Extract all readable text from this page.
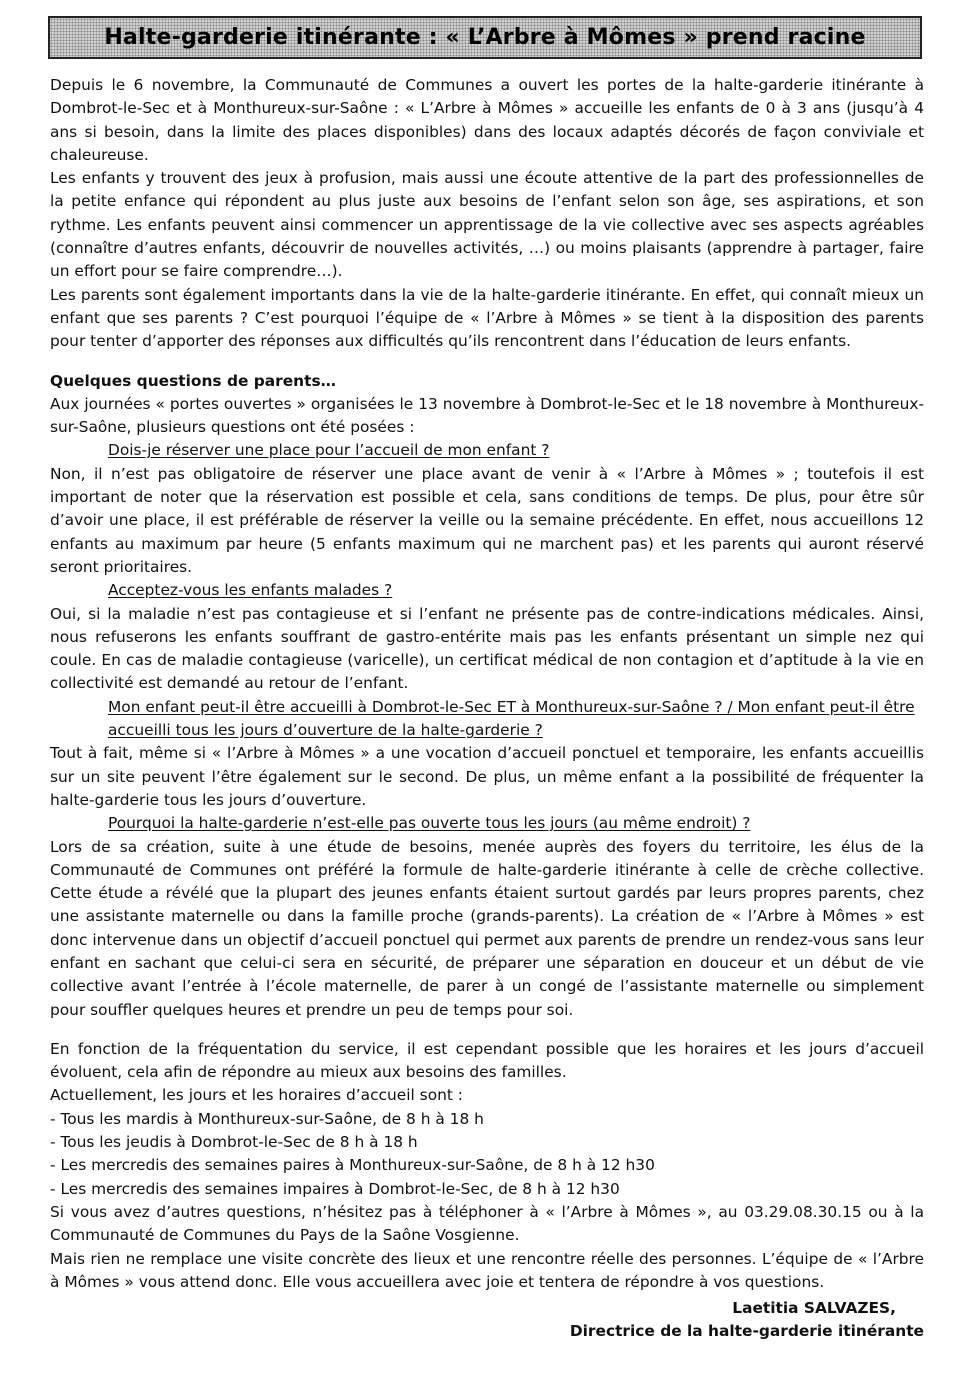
Halte-garderie itinérante : « L’Arbre à Mômes » prend racine

Depuis le 6 novembre, la Communauté de Communes a ouvert les portes de la halte-garderie itinérante à Dombrot-le-Sec et à Monthureux-sur-Saône : « L’Arbre à Mômes » accueille les enfants de 0 à 3 ans (jusqu’à 4 ans si besoin, dans la limite des places disponibles) dans des locaux adaptés décorés de façon conviviale et chaleureuse.

Les enfants y trouvent des jeux à profusion, mais aussi une écoute attentive de la part des professionnelles de la petite enfance qui répondent au plus juste aux besoins de l’enfant selon son âge, ses aspirations, et son rythme. Les enfants peuvent ainsi commencer un apprentissage de la vie collective avec ses aspects agréables (connaître d’autres enfants, découvrir de nouvelles activités, …) ou moins plaisants (apprendre à partager, faire un effort pour se faire comprendre…).

Les parents sont également importants dans la vie de la halte-garderie itinérante. En effet, qui connaît mieux un enfant que ses parents ? C’est pourquoi l’équipe de « l’Arbre à Mômes » se tient à la disposition des parents pour tenter d’apporter des réponses aux difficultés qu’ils rencontrent dans l’éducation de leurs enfants.

Quelques questions de parents…

Aux journées « portes ouvertes » organisées le 13 novembre à Dombrot-le-Sec et le 18 novembre à Monthureux-sur-Saône, plusieurs questions ont été posées :

Dois-je réserver une place pour l’accueil de mon enfant ?

Non, il n’est pas obligatoire de réserver une place avant de venir à « l’Arbre à Mômes » ; toutefois il est important de noter que la réservation est possible et cela, sans conditions de temps. De plus, pour être sûr d’avoir une place, il est préférable de réserver la veille ou la semaine précédente. En effet, nous accueillons 12 enfants au maximum par heure (5 enfants maximum qui ne marchent pas) et les parents qui auront réservé seront prioritaires.

Acceptez-vous les enfants malades ?

Oui, si la maladie n’est pas contagieuse et si l’enfant ne présente pas de contre-indications médicales. Ainsi, nous refuserons les enfants souffrant de gastro-entérite mais pas les enfants présentant un simple nez qui coule. En cas de maladie contagieuse (varicelle), un certificat médical de non contagion et d’aptitude à la vie en collectivité est demandé au retour de l’enfant.

Mon enfant peut-il être accueilli à Dombrot-le-Sec ET à Monthureux-sur-Saône ? / Mon enfant peut-il être accueilli tous les jours d’ouverture de la halte-garderie ?

Tout à fait, même si « l’Arbre à Mômes » a une vocation d’accueil ponctuel et temporaire, les enfants accueillis sur un site peuvent l’être également sur le second. De plus, un même enfant a la possibilité de fréquenter la halte-garderie tous les jours d’ouverture.

Pourquoi la halte-garderie n’est-elle pas ouverte tous les jours (au même endroit) ?

Lors de sa création, suite à une étude de besoins, menée auprès des foyers du territoire, les élus de la Communauté de Communes ont préféré la formule de halte-garderie itinérante à celle de crèche collective. Cette étude a révélé que la plupart des jeunes enfants étaient surtout gardés par leurs propres parents, chez une assistante maternelle ou dans la famille proche (grands-parents). La création de « l’Arbre à Mômes » est donc intervenue dans un objectif d’accueil ponctuel qui permet aux parents de prendre un rendez-vous sans leur enfant en sachant que celui-ci sera en sécurité, de préparer une séparation en douceur et un début de vie collective avant l’entrée à l’école maternelle, de parer à un congé de l’assistante maternelle ou simplement pour souffler quelques heures et prendre un peu de temps pour soi.

En fonction de la fréquentation du service, il est cependant possible que les horaires et les jours d’accueil évoluent, cela afin de répondre au mieux aux besoins des familles.

Actuellement, les jours et les horaires d’accueil sont :

- Tous les mardis à Monthureux-sur-Saône, de 8 h à 18 h
- Tous les jeudis à Dombrot-le-Sec de 8 h à 18 h
- Les mercredis des semaines paires à Monthureux-sur-Saône, de 8 h à 12 h30
- Les mercredis des semaines impaires à Dombrot-le-Sec, de 8 h à 12 h30

Si vous avez d’autres questions, n’hésitez pas à téléphoner à « l’Arbre à Mômes », au 03.29.08.30.15 ou à la Communauté de Communes du Pays de la Saône Vosgienne.

Mais rien ne remplace une visite concrète des lieux et une rencontre réelle des personnes. L’équipe de « l’Arbre à Mômes » vous attend donc. Elle vous accueillera avec joie et tentera de répondre à vos questions.

Laetitia SALVAZES,
Directrice de la halte-garderie itinérante
